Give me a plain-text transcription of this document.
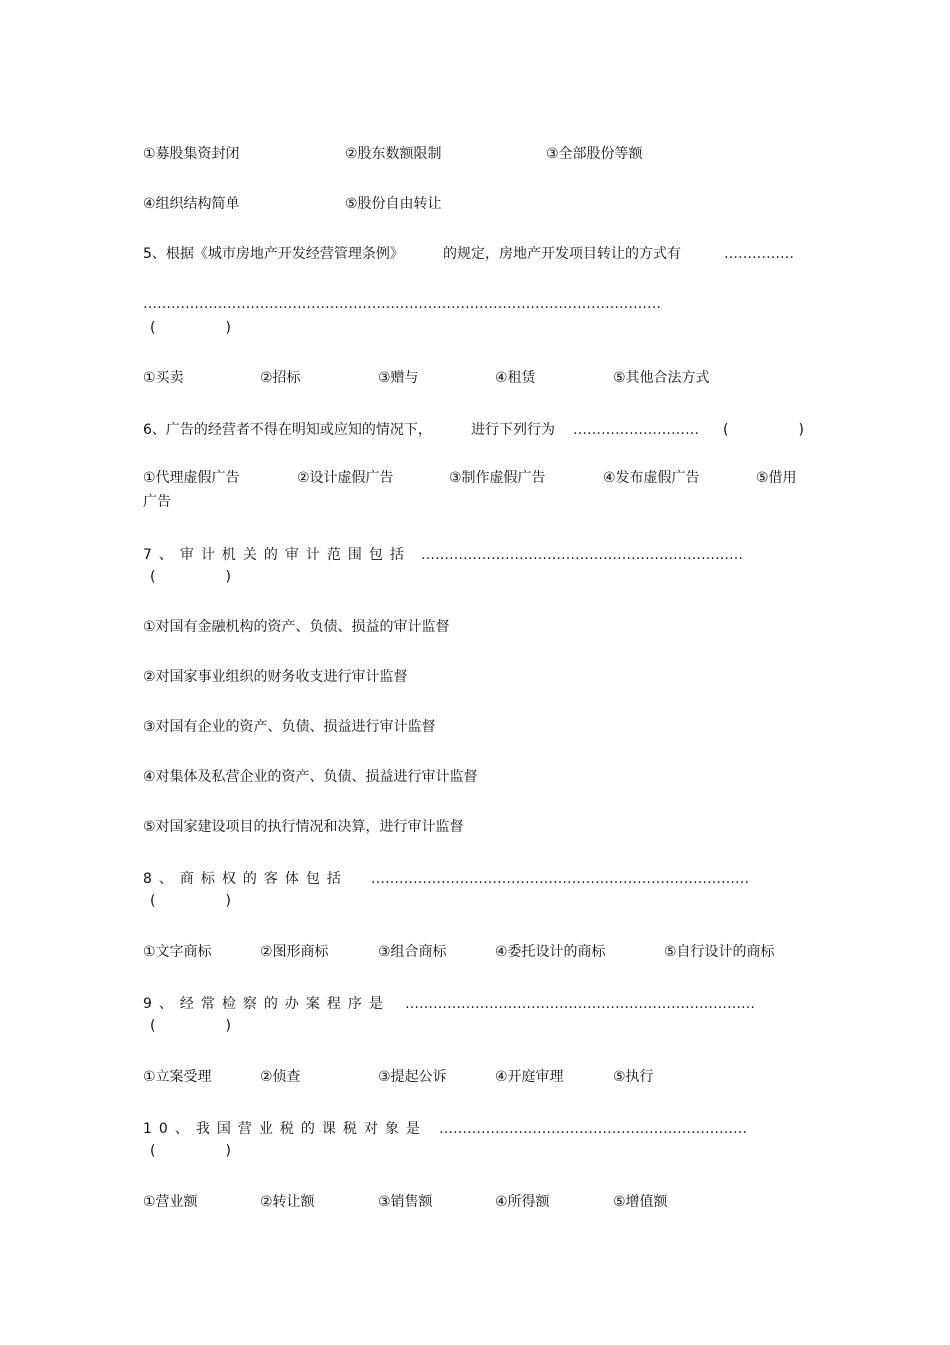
①募股集资封闭	②股东数额限制	③全部股份等额
④组织结构简单	⑤股份自由转让
5、根据《城市房地产开发经营管理条例》	的规定，房地产开发项目转让的方式有	……………
…………………………………………………………………………………………………
(　　　　　)
①买卖	②招标	③赠与	④租赁	⑤其他合法方式
6、广告的经营者不得在明知或应知的情况下，	进行下列行为 ………………………	(　　　　　)
①代理虚假广告	②设计虚假广告	③制作虚假广告	④发布虚假广告	⑤借用
广告
7、审计机关的审计范围包括 ……………………………………………………………
(　　　　　)
①对国有金融机构的资产、负债、损益的审计监督
②对国家事业组织的财务收支进行审计监督
③对国有企业的资产、负债、损益进行审计监督
④对集体及私营企业的资产、负债、损益进行审计监督
⑤对国家建设项目的执行情况和决算，进行审计监督
8、商标权的客体包括 ………………………………………………………………………
(　　　　　)
①文字商标	②图形商标	③组合商标	④委托设计的商标	⑤自行设计的商标
9、经常检察的办案程序是 …………………………………………………………………
(　　　　　)
①立案受理	②侦查	③提起公诉	④开庭审理	⑤执行
10、我国营业税的课税对象是 …………………………………………………………
(　　　　　)
①营业额	②转让额	③销售额	④所得额	⑤增值额
